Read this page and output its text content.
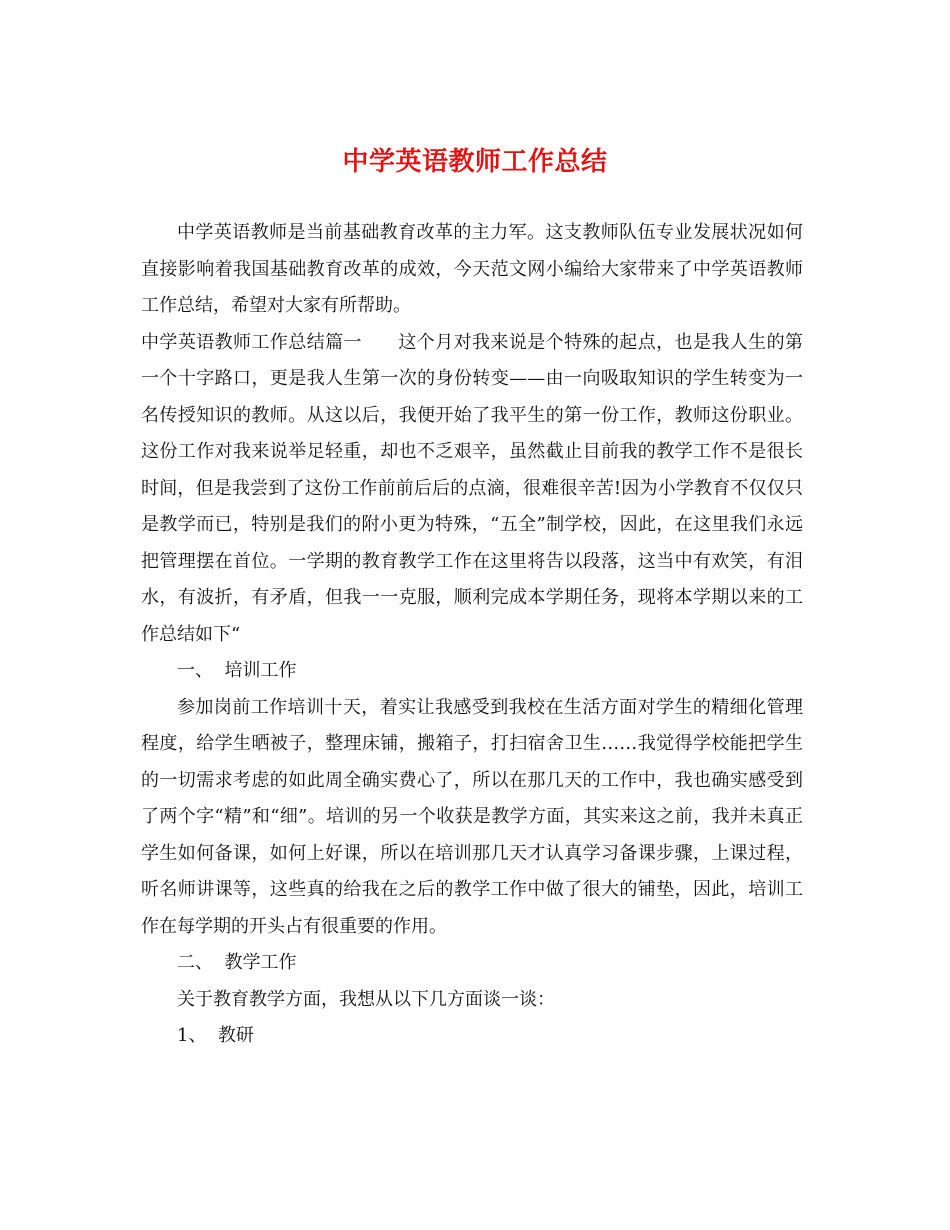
中学英语教师工作总结

中学英语教师是当前基础教育改革的主力军。这支教师队伍专业发展状况如何直接影响着我国基础教育改革的成效，今天范文网小编给大家带来了中学英语教师工作总结，希望对大家有所帮助。

中学英语教师工作总结篇一 这个月对我来说是个特殊的起点，也是我人生的第一个十字路口，更是我人生第一次的身份转变——由一向吸取知识的学生转变为一名传授知识的教师。从这以后，我便开始了我平生的第一份工作，教师这份职业。这份工作对我来说举足轻重，却也不乏艰辛，虽然截止目前我的教学工作不是很长时间，但是我尝到了这份工作前前后后的点滴，很难很辛苦!因为小学教育不仅仅只是教学而已，特别是我们的附小更为特殊，“五全”制学校，因此，在这里我们永远把管理摆在首位。一学期的教育教学工作在这里将告以段落，这当中有欢笑，有泪水，有波折，有矛盾，但我一一克服，顺利完成本学期任务，现将本学期以来的工作总结如下“

一、  培训工作

参加岗前工作培训十天，着实让我感受到我校在生活方面对学生的精细化管理程度，给学生晒被子，整理床铺，搬箱子，打扫宿舍卫生……我觉得学校能把学生的一切需求考虑的如此周全确实费心了，所以在那几天的工作中，我也确实感受到了两个字“精”和“细”。培训的另一个收获是教学方面，其实来这之前，我并未真正学生如何备课，如何上好课，所以在培训那几天才认真学习备课步骤，上课过程，听名师讲课等，这些真的给我在之后的教学工作中做了很大的铺垫，因此，培训工作在每学期的开头占有很重要的作用。

二、  教学工作

关于教育教学方面，我想从以下几方面谈一谈：

1、  教研
